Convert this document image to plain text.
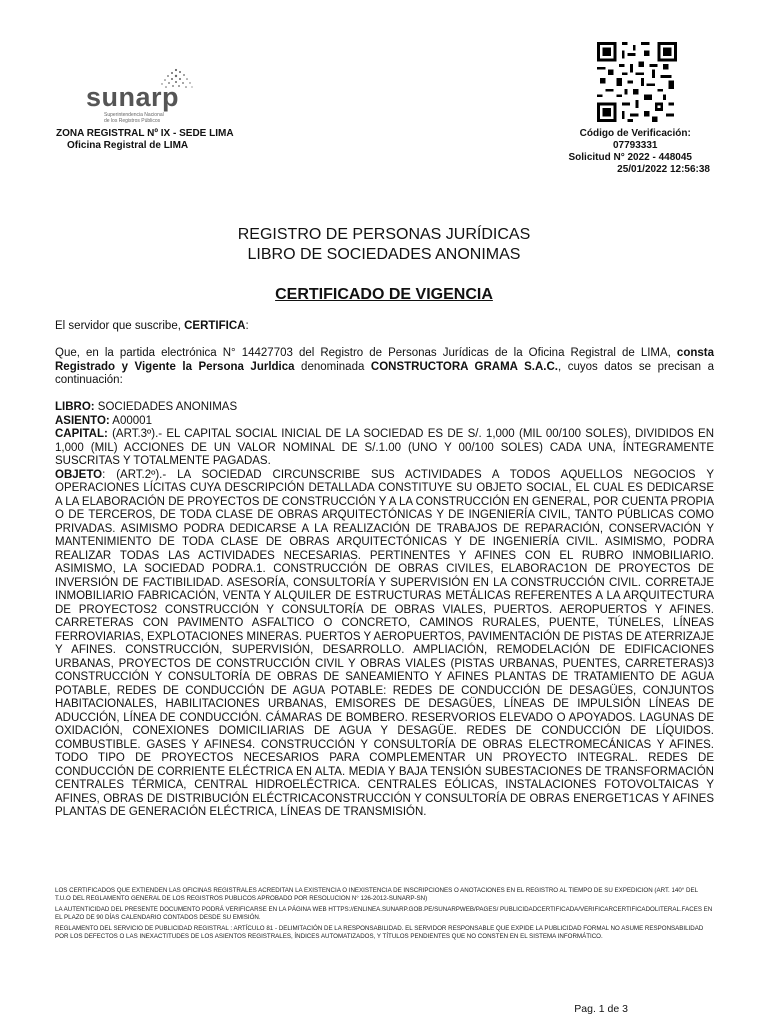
sunarp
Superintendencia Nacional
de los Registros Públicos
ZONA REGISTRAL Nº IX - SEDE LIMA
Oficina Registral de LIMA
Código de Verificación:
07793331
Solicitud N° 2022 - 448045
25/01/2022 12:56:38
REGISTRO DE PERSONAS JURÍDICAS
LIBRO DE SOCIEDADES ANONIMAS
CERTIFICADO DE VIGENCIA

El servidor que suscribe, CERTIFICA:

Que, en la partida electrónica N° 14427703 del Registro de Personas Jurídicas de la Oficina Registral de LIMA, consta Registrado y Vigente la Persona Jurldica denominada CONSTRUCTORA GRAMA S.A.C., cuyos datos se precisan a continuación:

LIBRO: SOCIEDADES ANONIMAS

ASIENTO: A00001

CAPITAL: (ART.3º).- EL CAPITAL SOCIAL INICIAL DE LA SOCIEDAD ES DE S/. 1,000 (MIL 00/100 SOLES), DIVIDIDOS EN 1,000 (MIL) ACCIONES DE UN VALOR NOMINAL DE S/.1.00 (UNO Y 00/100 SOLES) CADA UNA, ÍNTEGRAMENTE SUSCRITAS Y TOTALMENTE PAGADAS.

OBJETO: (ART.2º).- LA SOCIEDAD CIRCUNSCRIBE SUS ACTIVIDADES A TODOS AQUELLOS NEGOCIOS Y OPERACIONES LÍCITAS CUYA DESCRIPCIÓN DETALLADA CONSTITUYE SU OBJETO SOCIAL, EL CUAL ES DEDICARSE A LA ELABORACIÓN DE PROYECTOS DE CONSTRUCCIÓN Y A LA CONSTRUCCIÓN EN GENERAL, POR CUENTA PROPIA O DE TERCEROS, DE TODA CLASE DE OBRAS ARQUITECTÓNICAS Y DE INGENIERÍA CIVIL, TANTO PÚBLICAS COMO PRIVADAS. ASIMISMO PODRA DEDICARSE A LA REALIZACIÓN DE TRABAJOS DE REPARACIÓN, CONSERVACIÓN Y MANTENIMIENTO DE TODA CLASE DE OBRAS ARQUITECTÓNICAS Y DE INGENIERÍA CIVIL. ASIMISMO, PODRA REALIZAR TODAS LAS ACTIVIDADES NECESARIAS. PERTINENTES Y AFINES CON EL RUBRO INMOBILIARIO. ASIMISMO, LA SOCIEDAD PODRA.1. CONSTRUCCIÓN DE OBRAS CIVILES, ELABORAC1ON DE PROYECTOS DE INVERSIÓN DE FACTIBILIDAD. ASESORÍA, CONSULTORÍA Y SUPERVISIÓN EN LA CONSTRUCCIÓN CIVIL. CORRETAJE INMOBILIARIO FABRICACIÓN, VENTA Y ALQUILER DE ESTRUCTURAS METÁLICAS REFERENTES A LA ARQUITECTURA DE PROYECTOS2 CONSTRUCCIÓN Y CONSULTORÍA DE OBRAS VIALES, PUERTOS. AEROPUERTOS Y AFINES. CARRETERAS CON PAVIMENTO ASFALTICO O CONCRETO, CAMINOS RURALES, PUENTE, TÚNELES, LÍNEAS FERROVIARIAS, EXPLOTACIONES MINERAS. PUERTOS Y AEROPUERTOS, PAVIMENTACIÓN DE PISTAS DE ATERRIZAJE Y AFINES. CONSTRUCCIÓN, SUPERVISIÓN, DESARROLLO. AMPLIACIÓN, REMODELACIÓN DE EDIFICACIONES URBANAS, PROYECTOS DE CONSTRUCCIÓN CIVIL Y OBRAS VIALES (PISTAS URBANAS, PUENTES, CARRETERAS)3 CONSTRUCCIÓN Y CONSULTORÍA DE OBRAS DE SANEAMIENTO Y AFINES PLANTAS DE TRATAMIENTO DE AGUA POTABLE, REDES DE CONDUCCIÓN DE AGUA POTABLE: REDES DE CONDUCCIÓN DE DESAGÜES, CONJUNTOS HABITACIONALES, HABILITACIONES URBANAS, EMISORES DE DESAGÜES, LÍNEAS DE IMPULSIÓN LÍNEAS DE ADUCCIÓN, LÍNEA DE CONDUCCIÓN. CÁMARAS DE BOMBERO. RESERVORIOS ELEVADO O APOYADOS. LAGUNAS DE OXIDACIÓN, CONEXIONES DOMICILIARIAS DE AGUA Y DESAGÜE. REDES DE CONDUCCIÓN DE LÍQUIDOS. COMBUSTIBLE. GASES Y AFINES4. CONSTRUCCIÓN Y CONSULTORÍA DE OBRAS ELECTROMECÁNICAS Y AFINES. TODO TIPO DE PROYECTOS NECESARIOS PARA COMPLEMENTAR UN PROYECTO INTEGRAL. REDES DE CONDUCCIÓN DE CORRIENTE ELÉCTRICA EN ALTA. MEDIA Y BAJA TENSIÓN SUBESTACIONES DE TRANSFORMACIÓN CENTRALES TÉRMICA, CENTRAL HIDROELÉCTRICA. CENTRALES EÓLICAS, INSTALACIONES FOTOVOLTAICAS Y AFINES, OBRAS DE DISTRIBUCIÓN ELÉCTRICACONSTRUCCIÓN Y CONSULTORÍA DE OBRAS ENERGET1CAS Y AFINES PLANTAS DE GENERACIÓN ELÉCTRICA, LÍNEAS DE TRANSMISIÓN.

LOS CERTIFICADOS QUE EXTIENDEN LAS OFICINAS REGISTRALES ACREDITAN LA EXISTENCIA O INEXISTENCIA DE INSCRIPCIONES O ANOTACIONES EN EL REGISTRO AL TIEMPO DE SU EXPEDICION (ART. 140° DEL T.U.O DEL REGLAMENTO GENERAL DE LOS REGISTROS PUBLICOS APROBADO POR RESOLUCION N° 126-2012-SUNARP-SN)

LA AUTENTICIDAD DEL PRESENTE DOCUMENTO PODRÁ VERIFICARSE EN LA PÁGINA WEB HTTPS://ENLINEA.SUNARP.GOB.PE/SUNARPWEB/PAGES/ PUBLICIDADCERTIFICADA/VERIFICARCERTIFICADOLITERAL.FACES EN EL PLAZO DE 90 DÍAS CALENDARIO CONTADOS DESDE SU EMISIÓN.

REGLAMENTO DEL SERVICIO DE PUBLICIDAD REGISTRAL : ARTÍCULO 81 - DELIMITACIÓN DE LA RESPONSABILIDAD. EL SERVIDOR RESPONSABLE QUE EXPIDE LA PUBLICIDAD FORMAL NO ASUME RESPONSABILIDAD POR LOS DEFECTOS O LAS INEXACTITUDES DE LOS ASIENTOS REGISTRALES, ÍNDICES AUTOMATIZADOS, Y TÍTULOS PENDIENTES QUE NO CONSTEN EN EL SISTEMA INFORMÁTICO.

Pag. 1 de 3
